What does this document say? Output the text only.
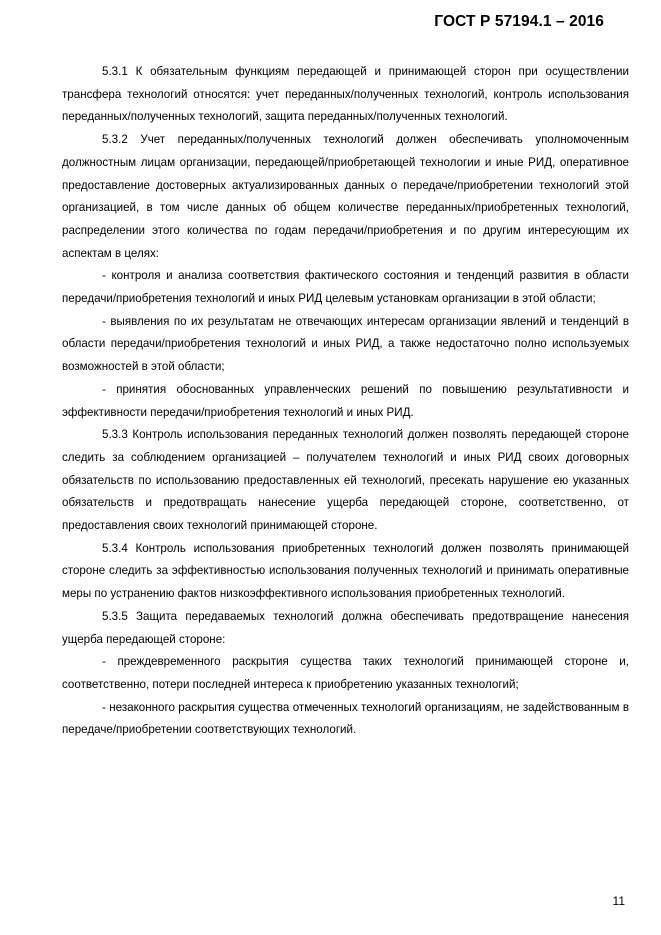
ГОСТ Р 57194.1 – 2016

5.3.1 К обязательным функциям передающей и принимающей сторон при осуществлении трансфера технологий относятся: учет переданных/полученных технологий, контроль использования переданных/полученных технологий, защита переданных/полученных технологий.

5.3.2 Учет переданных/полученных технологий должен обеспечивать уполномоченным должностным лицам организации, передающей/приобретающей технологии и иные РИД, оперативное предоставление достоверных актуализированных данных о передаче/приобретении технологий этой организацией, в том числе данных об общем количестве переданных/приобретенных технологий, распределении этого количества по годам передачи/приобретения и по другим интересующим их аспектам в целях:

- контроля и анализа соответствия фактического состояния и тенденций развития в области передачи/приобретения технологий и иных РИД целевым установкам организации в этой области;

- выявления по их результатам не отвечающих интересам организации явлений и тенденций в области передачи/приобретения технологий и иных РИД, а также недостаточно полно используемых возможностей в этой области;

- принятия обоснованных управленческих решений по повышению результативности и эффективности передачи/приобретения технологий и иных РИД.

5.3.3 Контроль использования переданных технологий должен позволять передающей стороне следить за соблюдением организацией – получателем технологий и иных РИД своих договорных обязательств по использованию предоставленных ей технологий, пресекать нарушение ею указанных обязательств и предотвращать нанесение ущерба передающей стороне, соответственно, от предоставления своих технологий принимающей стороне.

5.3.4 Контроль использования приобретенных технологий должен позволять принимающей стороне следить за эффективностью использования полученных технологий и принимать оперативные меры по устранению фактов низкоэффективного использования приобретенных технологий.

5.3.5 Защита передаваемых технологий должна обеспечивать предотвращение нанесения ущерба передающей стороне:

- преждевременного раскрытия существа таких технологий принимающей стороне и, соответственно, потери последней интереса к приобретению указанных технологий;

- незаконного раскрытия существа отмеченных технологий организациям, не задействованным в передаче/приобретении соответствующих технологий.

11
